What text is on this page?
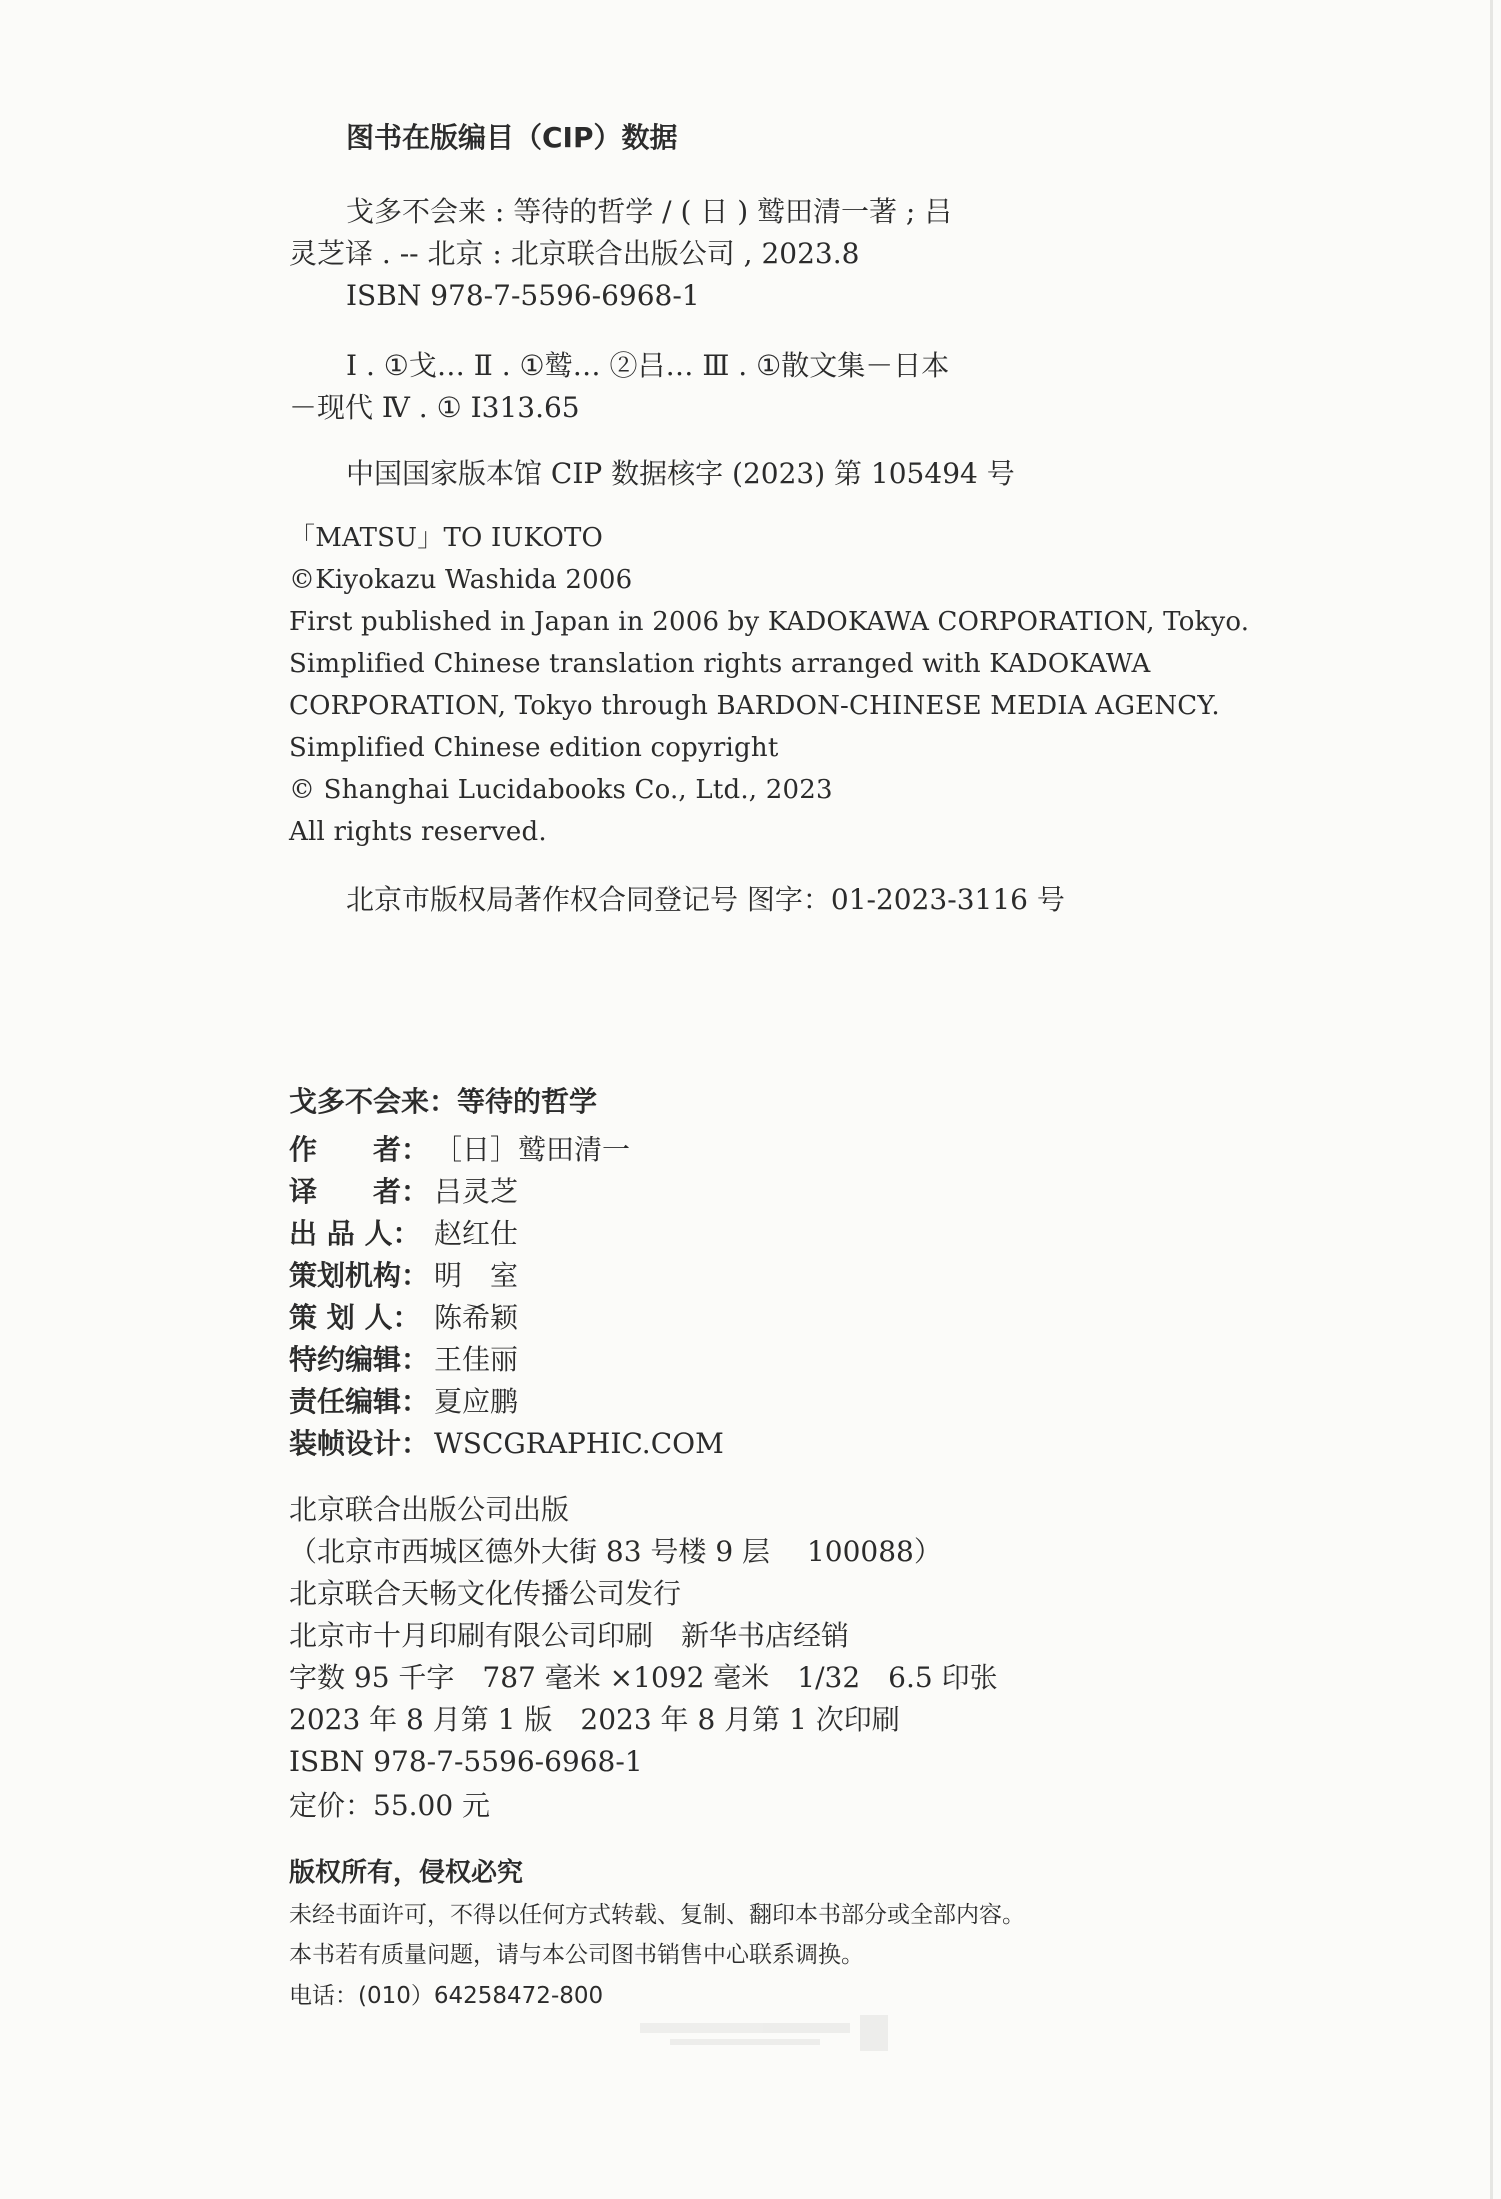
图书在版编目（CIP）数据
戈多不会来 : 等待的哲学 / ( 日 ) 鹫田清一著 ; 吕
灵芝译 . -- 北京 : 北京联合出版公司 , 2023.8
ISBN 978-7-5596-6968-1
Ⅰ . ①戈… Ⅱ . ①鹫… ②吕… Ⅲ . ①散文集－日本
－现代 Ⅳ . ① I313.65
中国国家版本馆 CIP 数据核字 (2023) 第 105494 号
「MATSU」TO IUKOTO
©Kiyokazu Washida 2006
First published in Japan in 2006 by KADOKAWA CORPORATION, Tokyo.
Simplified Chinese translation rights arranged with KADOKAWA
CORPORATION, Tokyo through BARDON-CHINESE MEDIA AGENCY.
Simplified Chinese edition copyright
© Shanghai Lucidabooks Co., Ltd., 2023
All rights reserved.
北京市版权局著作权合同登记号 图字：01-2023-3116 号
戈多不会来：等待的哲学
作　　者： ［日］鹫田清一
译　　者： 吕灵芝
出 品 人： 赵红仕
策划机构： 明　室
策 划 人： 陈希颖
特约编辑： 王佳丽
责任编辑： 夏应鹏
装帧设计： WSCGRAPHIC.COM
北京联合出版公司出版
（北京市西城区德外大街 83 号楼 9 层　 100088）
北京联合天畅文化传播公司发行
北京市十月印刷有限公司印刷　新华书店经销
字数 95 千字　787 毫米 ×1092 毫米　1/32　6.5 印张
2023 年 8 月第 1 版　2023 年 8 月第 1 次印刷
ISBN 978-7-5596-6968-1
定价：55.00 元
版权所有，侵权必究
未经书面许可，不得以任何方式转载、复制、翻印本书部分或全部内容。
本书若有质量问题，请与本公司图书销售中心联系调换。
电话：(010）64258472-800
